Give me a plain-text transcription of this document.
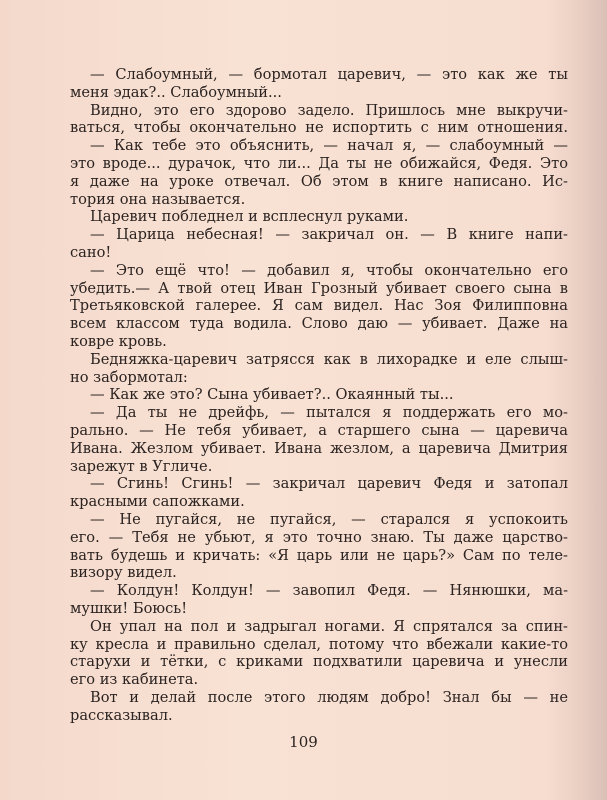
— Слабоумный, — бормотал царевич, — это как же ты
меня эдак?.. Слабоумный...
Видно, это его здорово задело. Пришлось мне выкручи-
ваться, чтобы окончательно не испортить с ним отношения.
— Как тебе это объяснить, — начал я, — слабоумный —
это вроде... дурачок, что ли... Да ты не обижайся, Федя. Это
я даже на уроке отвечал. Об этом в книге написано. Ис-
тория она называется.
Царевич побледнел и всплеснул руками.
— Царица небесная! — закричал он. — В книге напи-
сано!
— Это ещё что! — добавил я, чтобы окончательно его
убедить.— А твой отец Иван Грозный убивает своего сына в
Третьяковской галерее. Я сам видел. Нас Зоя Филипповна
всем классом туда водила. Слово даю — убивает. Даже на
ковре кровь.
Бедняжка-царевич затрясся как в лихорадке и еле слыш-
но забормотал:
— Как же это? Сына убивает?.. Окаянный ты...
— Да ты не дрейфь, — пытался я поддержать его мо-
рально. — Не тебя убивает, а старшего сына — царевича
Ивана. Жезлом убивает. Ивана жезлом, а царевича Дмитрия
зарежут в Угличе.
— Сгинь! Сгинь! — закричал царевич Федя и затопал
красными сапожками.
— Не пугайся, не пугайся, — старался я успокоить
его. — Тебя не убьют, я это точно знаю. Ты даже царство-
вать будешь и кричать: «Я царь или не царь?» Сам по теле-
визору видел.
— Колдун! Колдун! — завопил Федя. — Нянюшки, ма-
мушки! Боюсь!
Он упал на пол и задрыгал ногами. Я спрятался за спин-
ку кресла и правильно сделал, потому что вбежали какие-то
старухи и тётки, с криками подхватили царевича и унесли
его из кабинета.
Вот и делай после этого людям добро! Знал бы — не
рассказывал.
109
